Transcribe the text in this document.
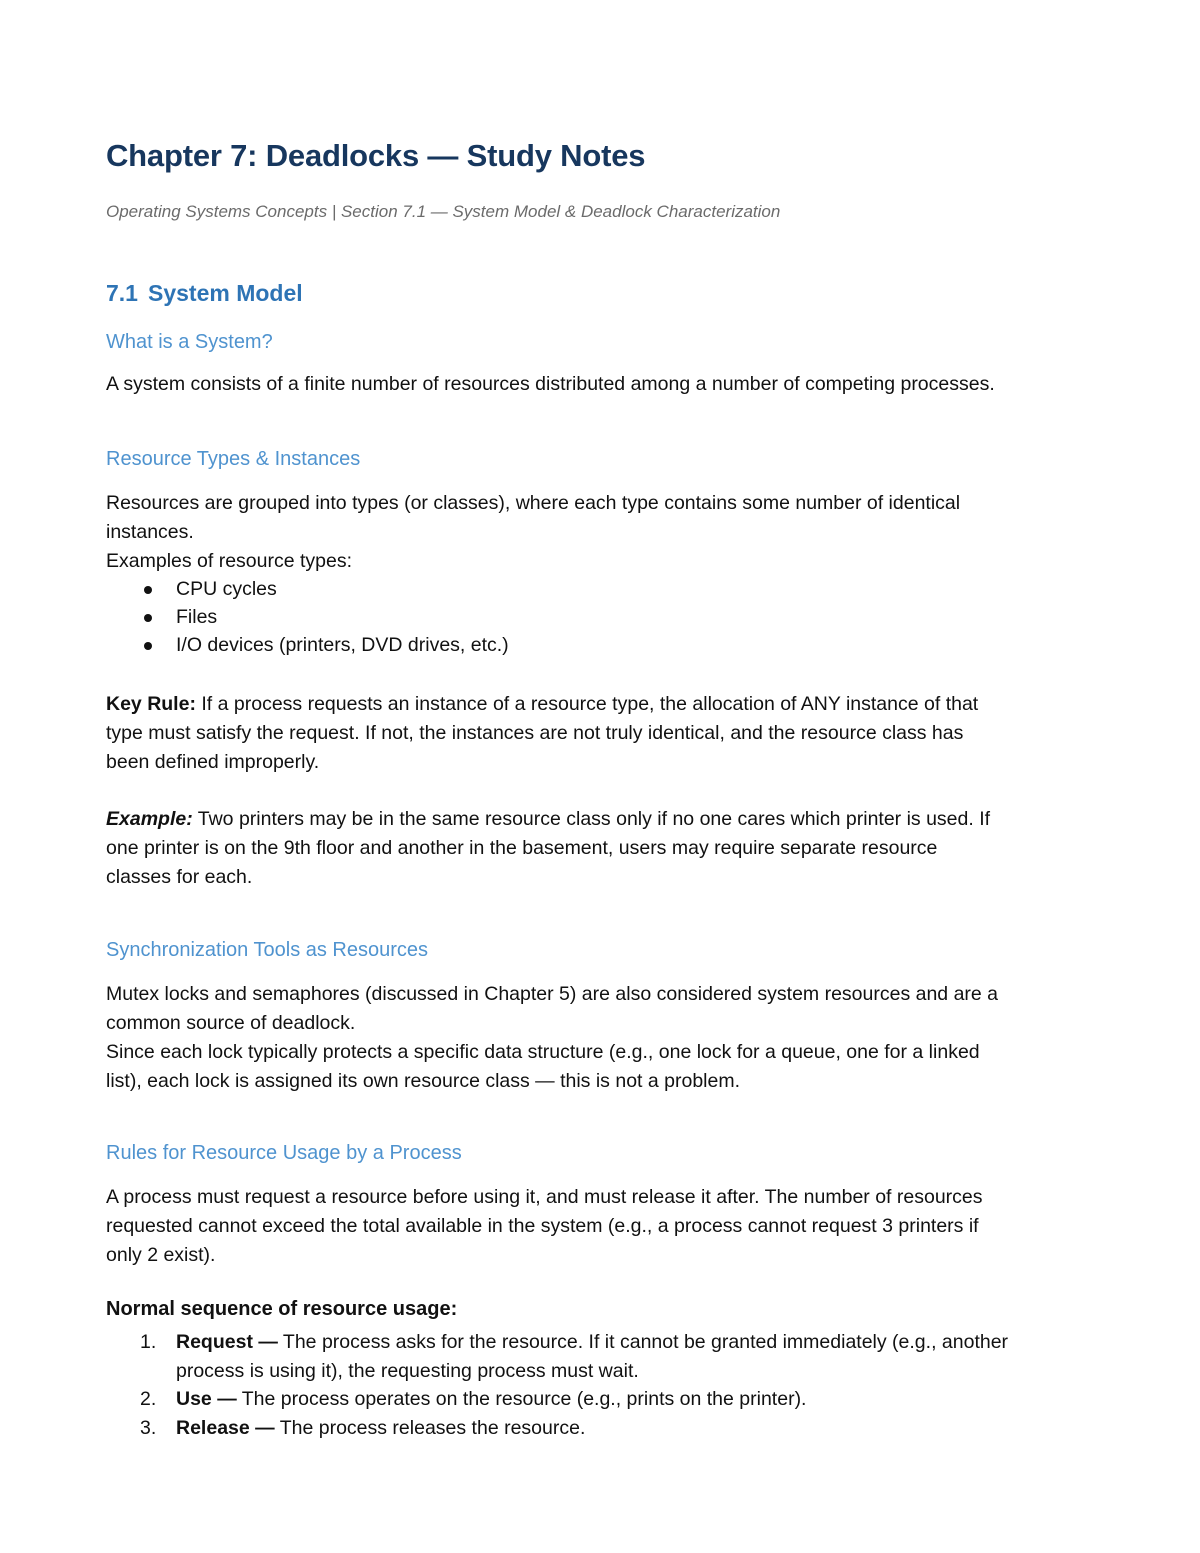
Chapter 7: Deadlocks — Study Notes

Operating Systems Concepts | Section 7.1 — System Model & Deadlock Characterization

7.1 System Model
What is a System?

A system consists of a finite number of resources distributed among a number of competing processes.

Resource Types & Instances
Resources are grouped into types (or classes), where each type contains some number of identical
instances.
Examples of resource types:
CPU cycles
Files
I/O devices (printers, DVD drives, etc.)
Key Rule: If a process requests an instance of a resource type, the allocation of ANY instance of that
type must satisfy the request. If not, the instances are not truly identical, and the resource class has
been defined improperly.
Example: Two printers may be in the same resource class only if no one cares which printer is used. If
one printer is on the 9th floor and another in the basement, users may require separate resource
classes for each.
Synchronization Tools as Resources
Mutex locks and semaphores (discussed in Chapter 5) are also considered system resources and are a
common source of deadlock.
Since each lock typically protects a specific data structure (e.g., one lock for a queue, one for a linked
list), each lock is assigned its own resource class — this is not a problem.
Rules for Resource Usage by a Process
A process must request a resource before using it, and must release it after. The number of resources
requested cannot exceed the total available in the system (e.g., a process cannot request 3 printers if
only 2 exist).

Normal sequence of resource usage:

1. Request — The process asks for the resource. If it cannot be granted immediately (e.g., another
process is using it), the requesting process must wait.
2. Use — The process operates on the resource (e.g., prints on the printer).
3. Release — The process releases the resource.
